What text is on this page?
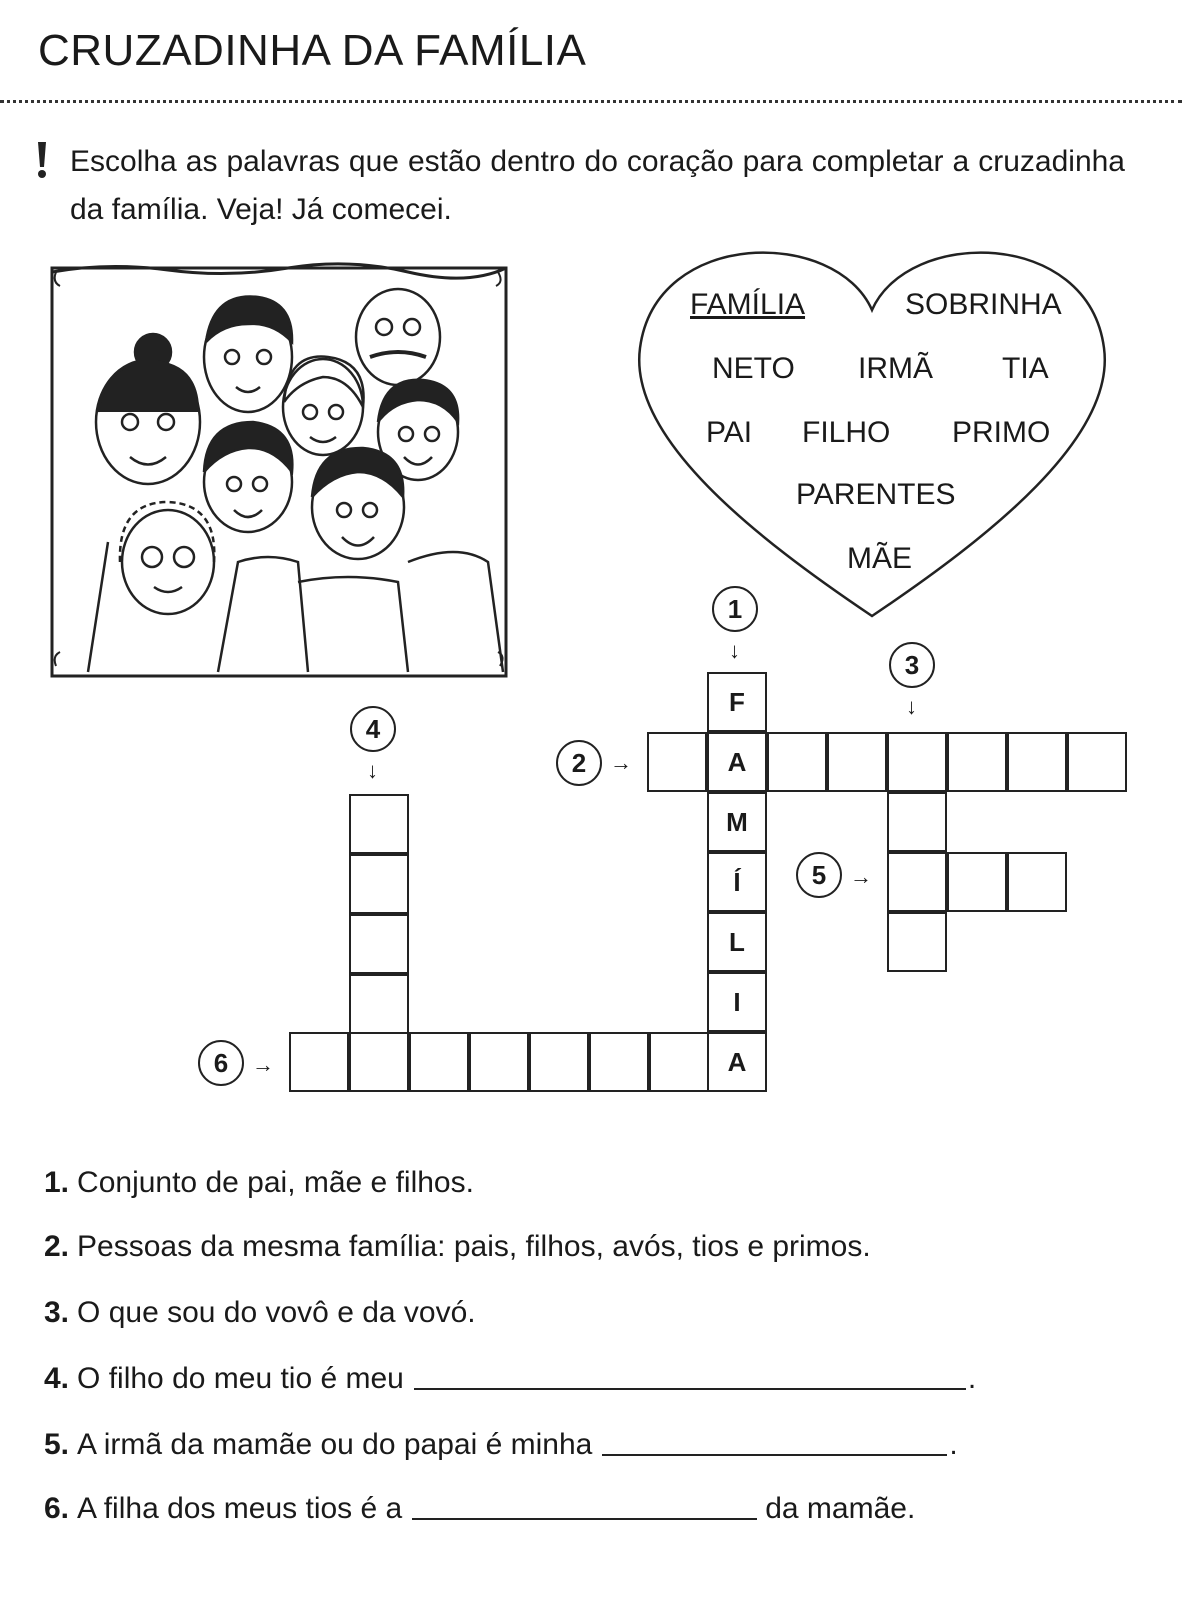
CRUZADINHA DA FAMÍLIA

Escolha as palavras que estão dentro do coração para completar a cruzadinha da família. Veja! Já comecei.

FAMÍLIA	SOBRINHA
NETO IRMÃ TIA
PAI FILHO PRIMO
PARENTES
MÃE
F
A
M
Í
L
I
A
1
↓	3
↓
4
↓	2	→
5	→
6	→
1. Conjunto de pai, mãe e filhos.
2. Pessoas da mesma família: pais, filhos, avós, tios e primos.
3. O que sou do vovô e da vovó.
4. O filho do meu tio é meu	.
5. A irmã da mamãe ou do papai é minha	.
6. A filha dos meus tios é a	da mamãe.
